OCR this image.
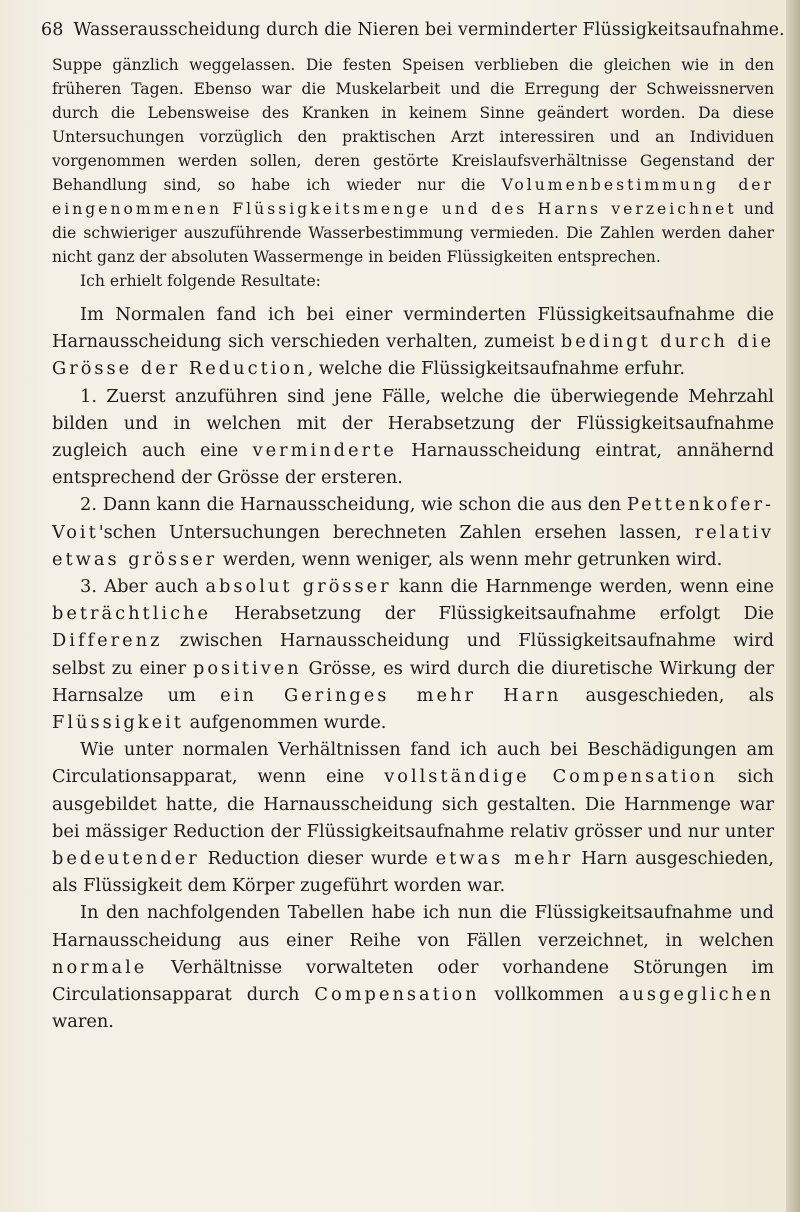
68 Wasserausscheidung durch die Nieren bei verminderter Flüssigkeitsaufnahme.

Suppe gänzlich weggelassen. Die festen Speisen verblieben die gleichen wie in den früheren Tagen. Ebenso war die Muskelarbeit und die Erregung der Schweissnerven durch die Lebensweise des Kranken in keinem Sinne geändert worden. Da diese Untersuchungen vorzüglich den praktischen Arzt interessiren und an Individuen vorgenommen werden sollen, deren gestörte Kreislaufsverhältnisse Gegenstand der Behandlung sind, so habe ich wieder nur die Volumenbestimmung der eingenommenen Flüssigkeitsmenge und des Harns verzeichnet und die schwieriger auszuführende Wasserbestimmung vermieden. Die Zahlen werden daher nicht ganz der absoluten Wassermenge in beiden Flüssigkeiten entsprechen.

Ich erhielt folgende Resultate:

Im Normalen fand ich bei einer verminderten Flüssigkeitsaufnahme die Harnausscheidung sich verschieden verhalten, zumeist bedingt durch die Grösse der Reduction, welche die Flüssigkeitsaufnahme erfuhr.

1. Zuerst anzuführen sind jene Fälle, welche die überwiegende Mehrzahl bilden und in welchen mit der Herabsetzung der Flüssigkeitsaufnahme zugleich auch eine verminderte Harnausscheidung eintrat, annähernd entsprechend der Grösse der ersteren.

2. Dann kann die Harnausscheidung, wie schon die aus den Pettenkofer-Voit'schen Untersuchungen berechneten Zahlen ersehen lassen, relativ etwas grösser werden, wenn weniger, als wenn mehr getrunken wird.

3. Aber auch absolut grösser kann die Harnmenge werden, wenn eine beträchtliche Herabsetzung der Flüssigkeitsaufnahme erfolgt Die Differenz zwischen Harnausscheidung und Flüssigkeitsaufnahme wird selbst zu einer positiven Grösse, es wird durch die diuretische Wirkung der Harnsalze um ein Geringes mehr Harn ausgeschieden, als Flüssigkeit aufgenommen wurde.

Wie unter normalen Verhältnissen fand ich auch bei Beschädigungen am Circulationsapparat, wenn eine vollständige Compensation sich ausgebildet hatte, die Harnausscheidung sich gestalten. Die Harnmenge war bei mässiger Reduction der Flüssigkeitsaufnahme relativ grösser und nur unter bedeutender Reduction dieser wurde etwas mehr Harn ausgeschieden, als Flüssigkeit dem Körper zugeführt worden war.

In den nachfolgenden Tabellen habe ich nun die Flüssigkeitsaufnahme und Harnausscheidung aus einer Reihe von Fällen verzeichnet, in welchen normale Verhältnisse vorwalteten oder vorhandene Störungen im Circulationsapparat durch Compensation vollkommen ausgeglichen waren.
